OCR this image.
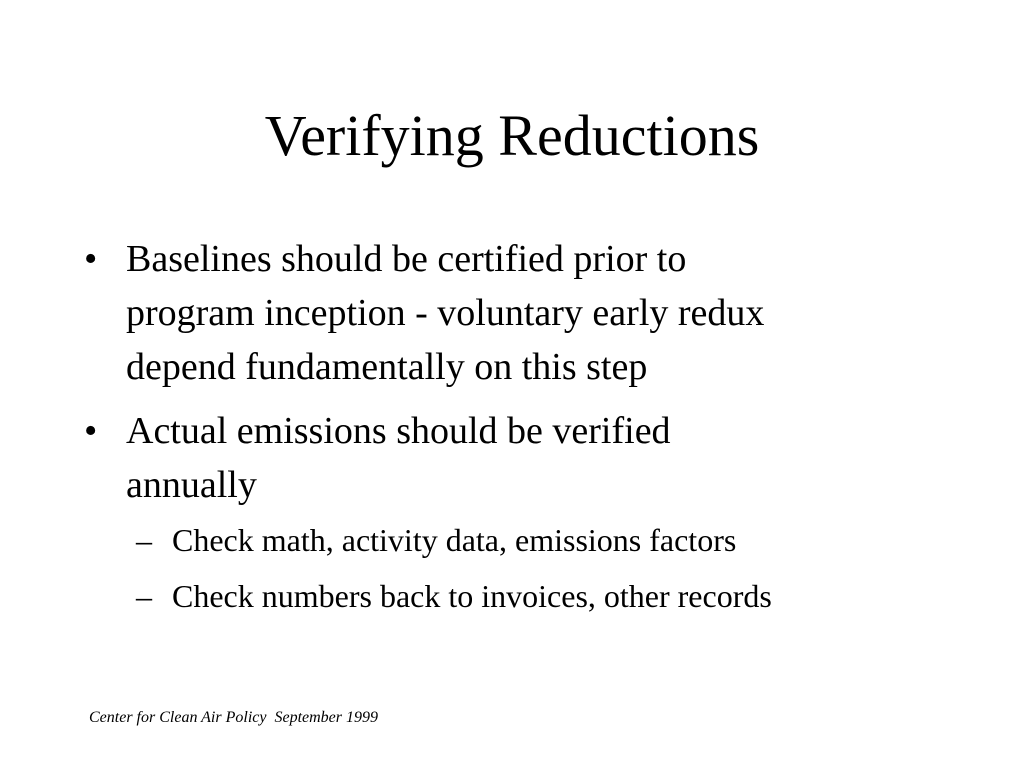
Verifying Reductions
• Baselines should be certified prior to
program inception - voluntary early redux
depend fundamentally on this step
• Actual emissions should be verified
annually
– Check math, activity data, emissions factors
– Check numbers back to invoices, other records
Center for Clean Air Policy  September 1999
